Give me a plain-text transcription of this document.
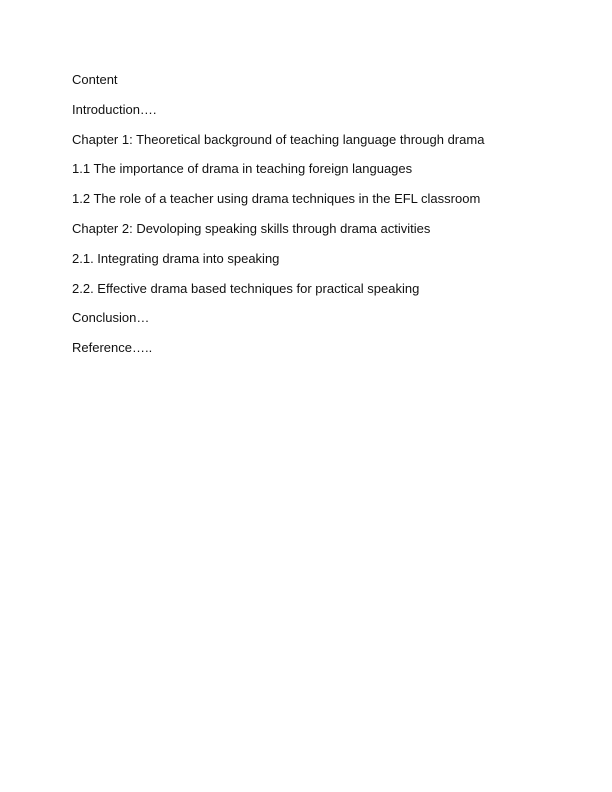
Content
Introduction….
Chapter 1: Theoretical background of teaching language through drama
1.1 The importance of drama in teaching foreign languages
1.2 The role of a teacher using drama techniques in the EFL classroom
Chapter 2: Devoloping speaking skills through drama activities
2.1. Integrating drama into speaking
2.2. Effective drama based techniques for practical speaking
Conclusion…
Reference…..
